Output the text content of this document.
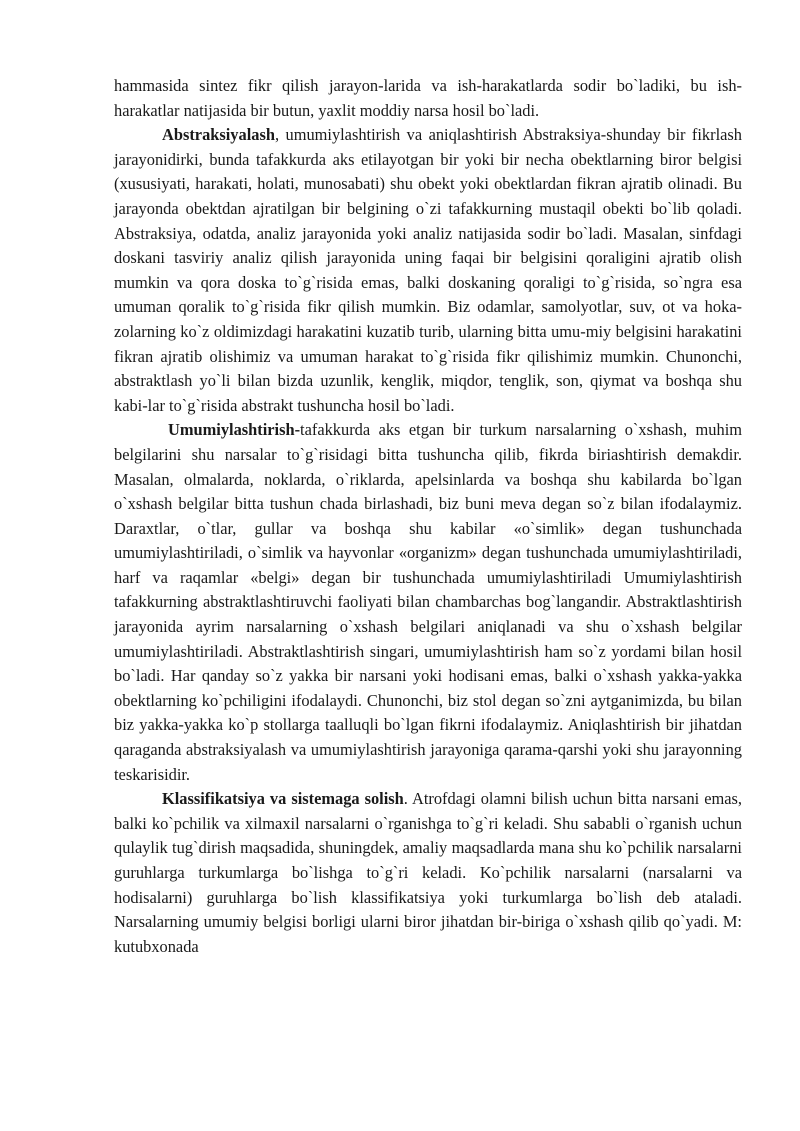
hammasida sintez fikr qilish jarayon-larida va ish-harakatlarda sodir bo`ladiki, bu ish-harakatlar natijasida bir butun, yaxlit moddiy narsa hosil bo`ladi.

Abstraksiyalash, umumiylashtirish va aniqlashtirish Abstraksiya-shunday bir fikrlash jarayonidirki, bunda tafakkurda aks etilayotgan bir yoki bir necha obektlarning biror belgisi (xususiyati, harakati, holati, munosabati) shu obekt yoki obektlardan fikran ajratib olinadi. Bu jarayonda obektdan ajratilgan bir belgining o`zi tafakkurning mustaqil obekti bo`lib qoladi. Abstraksiya, odatda, analiz jarayonida yoki analiz natijasida sodir bo`ladi. Masalan, sinfdagi doskani tasviriy analiz qilish jarayonida uning faqai bir belgisini qoraligini ajratib olish mumkin va qora doska to`g`risida emas, balki doskaning qoraligi to`g`risida, so`ngra esa umuman qoralik to`g`risida fikr qilish mumkin. Biz odamlar, samolyotlar, suv, ot va hoka-zolarning ko`z oldimizdagi harakatini kuzatib turib, ularning bitta umu-miy belgisini harakatini fikran ajratib olishimiz va umuman harakat to`g`risida fikr qilishimiz mumkin. Chunonchi, abstraktlash yo`li bilan bizda uzunlik, kenglik, miqdor, tenglik, son, qiymat va boshqa shu kabi-lar to`g`risida abstrakt tushuncha hosil bo`ladi.

Umumiylashtirish-tafakkurda aks etgan bir turkum narsalarning o`xshash, muhim belgilarini shu narsalar to`g`risidagi bitta tushuncha qilib, fikrda biriashtirish demakdir. Masalan, olmalarda, noklarda, o`riklarda, apelsinlarda va boshqa shu kabilarda bo`lgan o`xshash belgilar bitta tushun chada birlashadi, biz buni meva degan so`z bilan ifodalaymiz. Daraxtlar, o`tlar, gullar va boshqa shu kabilar «o`simlik» degan tushunchada umumiylashtiriladi, o`simlik va hayvonlar «organizm» degan tushunchada umumiylashtiriladi, harf va raqamlar «belgi» degan bir tushunchada umumiylashtiriladi Umumiylashtirish tafakkurning abstraktlashtiruvchi faoliyati bilan chambarchas bog`langandir. Abstraktlashtirish jarayonida ayrim narsalarning o`xshash belgilari aniqlanadi va shu o`xshash belgilar umumiylashtiriladi. Abstraktlashtirish singari, umumiylashtirish ham so`z yordami bilan hosil bo`ladi. Har qanday so`z yakka bir narsani yoki hodisani emas, balki o`xshash yakka-yakka obektlarning ko`pchiligini ifodalaydi. Chunonchi, biz stol degan so`zni aytganimizda, bu bilan biz yakka-yakka ko`p stollarga taalluqli bo`lgan fikrni ifodalaymiz. Aniqlashtirish bir jihatdan qaraganda abstraksiyalash va umumiylashtirish jarayoniga qarama-qarshi yoki shu jarayonning teskarisidir.

Klassifikatsiya va sistemaga solish. Atrofdagi olamni bilish uchun bitta narsani emas, balki ko`pchilik va xilmaxil narsalarni o`rganishga to`g`ri keladi. Shu sababli o`rganish uchun qulaylik tug`dirish maqsadida, shuningdek, amaliy maqsadlarda mana shu ko`pchilik narsalarni guruhlarga turkumlarga bo`lishga to`g`ri keladi. Ko`pchilik narsalarni (narsalarni va hodisalarni) guruhlarga bo`lish klassifikatsiya yoki turkumlarga bo`lish deb ataladi. Narsalarning umumiy belgisi borligi ularni biror jihatdan bir-biriga o`xshash qilib qo`yadi. M: kutubxonada
